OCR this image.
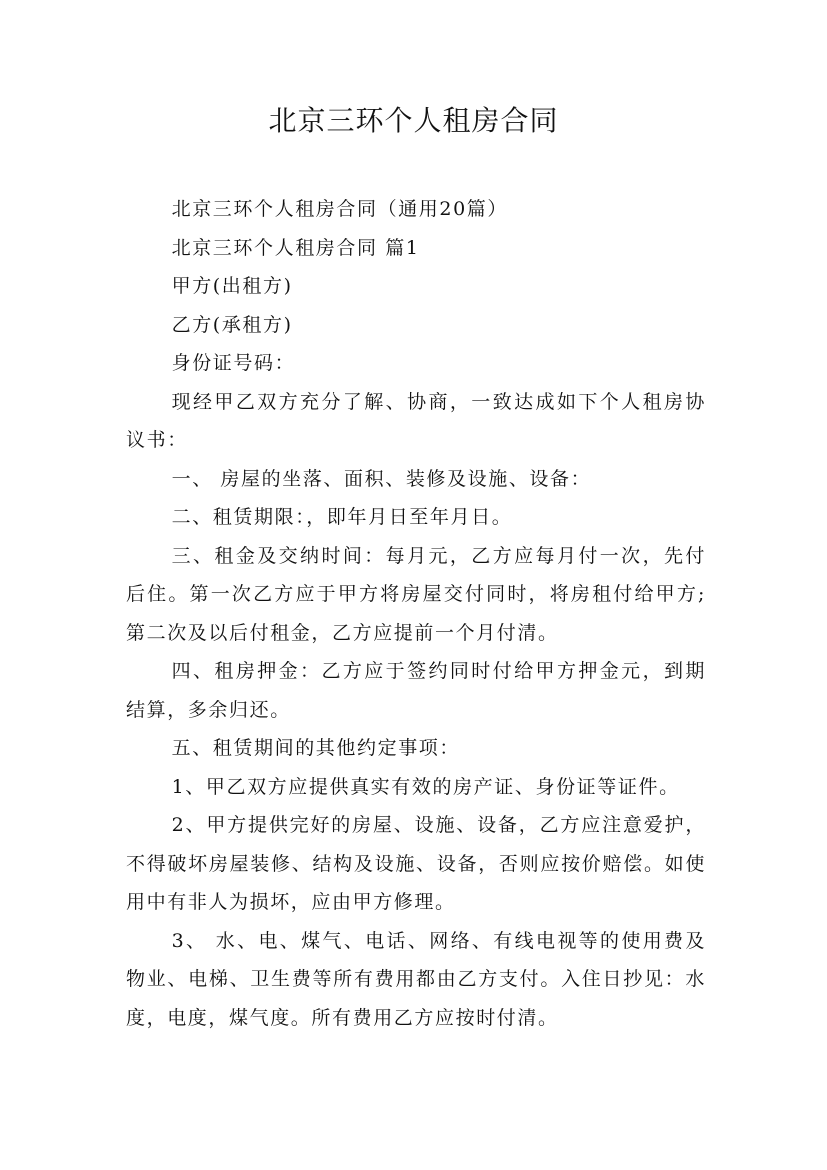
北京三环个人租房合同

北京三环个人租房合同（通用20篇）

北京三环个人租房合同 篇1

甲方(出租方)

乙方(承租方)

身份证号码：

现经甲乙双方充分了解、协商，一致达成如下个人租房协议书：

一、 房屋的坐落、面积、装修及设施、设备：

二、租赁期限：，即年月日至年月日。

三、租金及交纳时间：每月元，乙方应每月付一次，先付后住。第一次乙方应于甲方将房屋交付同时，将房租付给甲方;第二次及以后付租金，乙方应提前一个月付清。

四、租房押金：乙方应于签约同时付给甲方押金元，到期结算，多余归还。

五、租赁期间的其他约定事项：

1、甲乙双方应提供真实有效的房产证、身份证等证件。

2、甲方提供完好的房屋、设施、设备，乙方应注意爱护，不得破坏房屋装修、结构及设施、设备，否则应按价赔偿。如使用中有非人为损坏，应由甲方修理。

3、 水、电、煤气、电话、网络、有线电视等的使用费及物业、电梯、卫生费等所有费用都由乙方支付。入住日抄见：水度，电度，煤气度。所有费用乙方应按时付清。
